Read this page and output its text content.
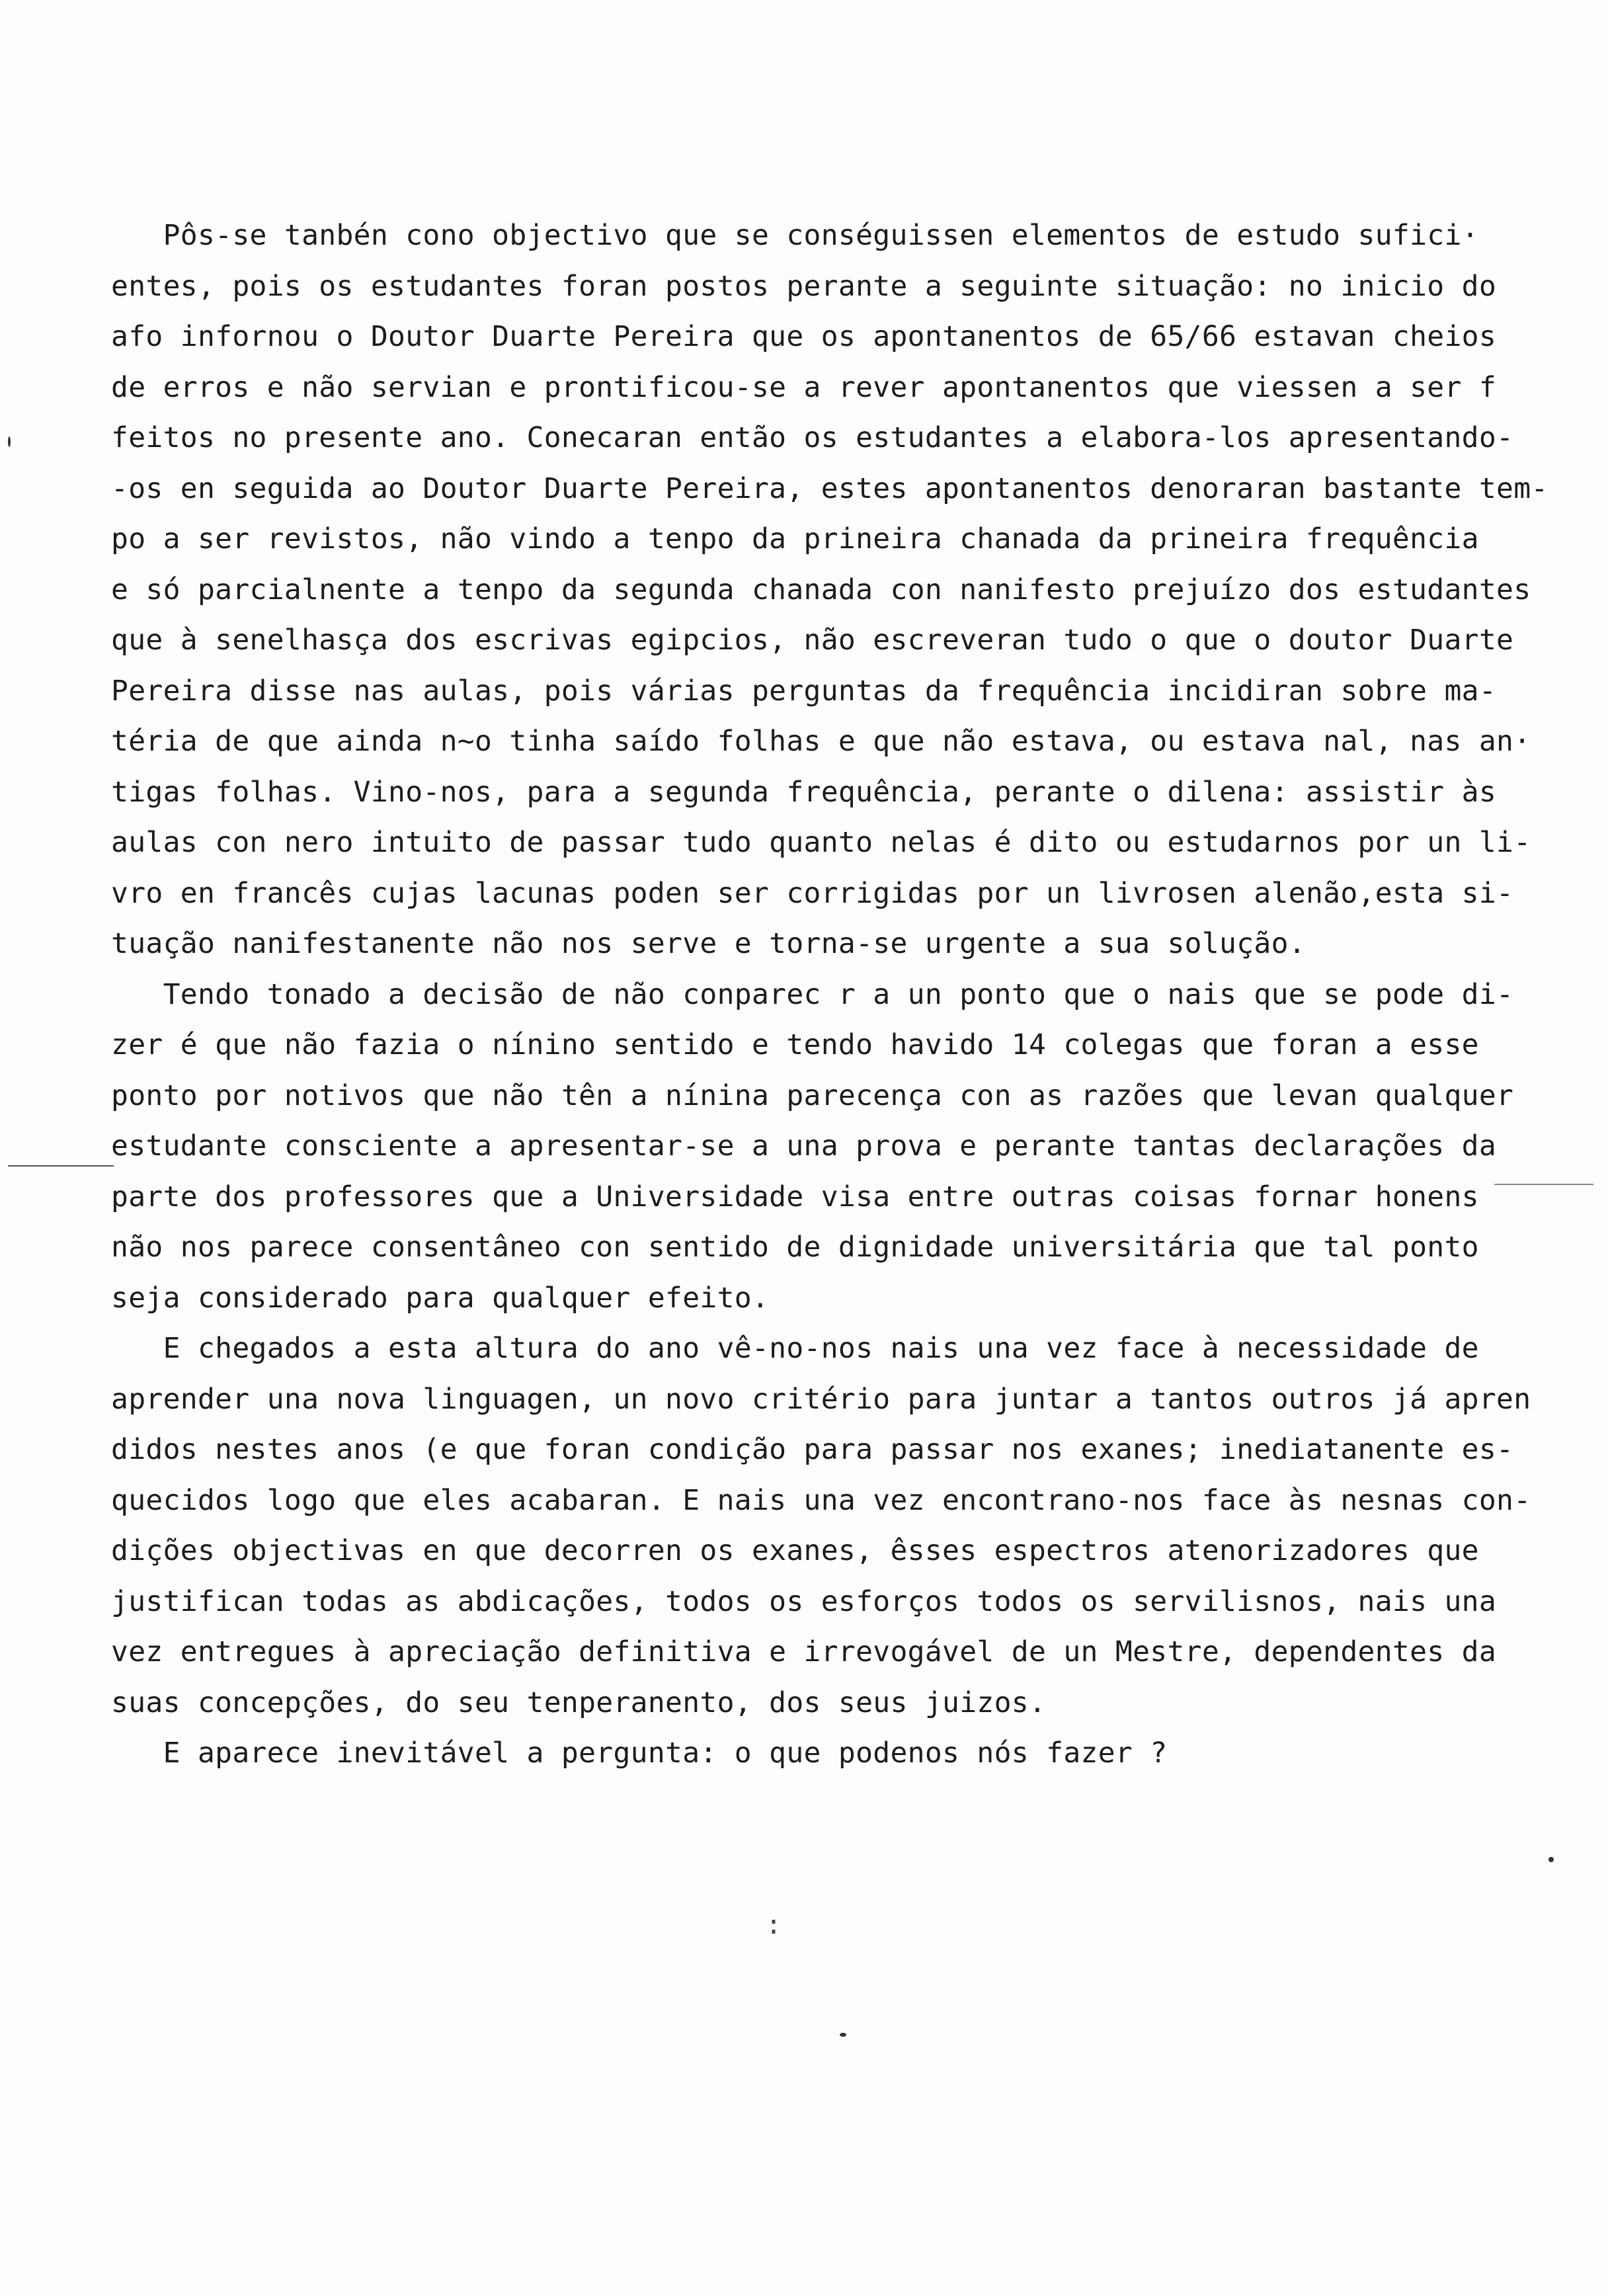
Pôs-se tanbén cono objectivo que se conséguissen elementos de estudo sufici·
entes, pois os estudantes foran postos perante a seguinte situação: no inicio do
afo infornou o Doutor Duarte Pereira que os apontanentos de 65/66 estavan cheios
de erros e não servian e prontificou-se a rever apontanentos que viessen a ser f
feitos no presente ano. Conecaran então os estudantes a elabora-los apresentando-
-os en seguida ao Doutor Duarte Pereira, estes apontanentos denoraran bastante tem-
po a ser revistos, não vindo a tenpo da prineira chanada da prineira frequência
e só parcialnente a tenpo da segunda chanada con nanifesto prejuízo dos estudantes
que à senelhasça dos escrivas egipcios, não escreveran tudo o que o doutor Duarte
Pereira disse nas aulas, pois várias perguntas da frequência incidiran sobre ma-
téria de que ainda n~o tinha saído folhas e que não estava, ou estava nal, nas an·
tigas folhas. Vino-nos, para a segunda frequência, perante o dilena: assistir às
aulas con nero intuito de passar tudo quanto nelas é dito ou estudarnos por un li-
vro en francês cujas lacunas poden ser corrigidas por un livrosen alenão,esta si-
tuação nanifestanente não nos serve e torna-se urgente a sua solução.
Tendo tonado a decisão de não conparec r a un ponto que o nais que se pode di-
zer é que não fazia o nínino sentido e tendo havido 14 colegas que foran a esse
ponto por notivos que não tên a nínina parecença con as razões que levan qualquer
estudante consciente a apresentar-se a una prova e perante tantas declarações da
parte dos professores que a Universidade visa entre outras coisas fornar honens
não nos parece consentâneo con sentido de dignidade universitária que tal ponto
seja considerado para qualquer efeito.
E chegados a esta altura do ano vê-no-nos nais una vez face à necessidade de
aprender una nova linguagen, un novo critério para juntar a tantos outros já apren
didos nestes anos (e que foran condição para passar nos exanes; inediatanente es-
quecidos logo que eles acabaran. E nais una vez encontrano-nos face às nesnas con-
dições objectivas en que decorren os exanes, êsses espectros atenorizadores que
justifican todas as abdicações, todos os esforços todos os servilisnos, nais una
vez entregues à apreciação definitiva e irrevogável de un Mestre, dependentes da
suas concepções, do seu tenperanento, dos seus juizos.
E aparece inevitável a pergunta: o que podenos nós fazer ?
:
